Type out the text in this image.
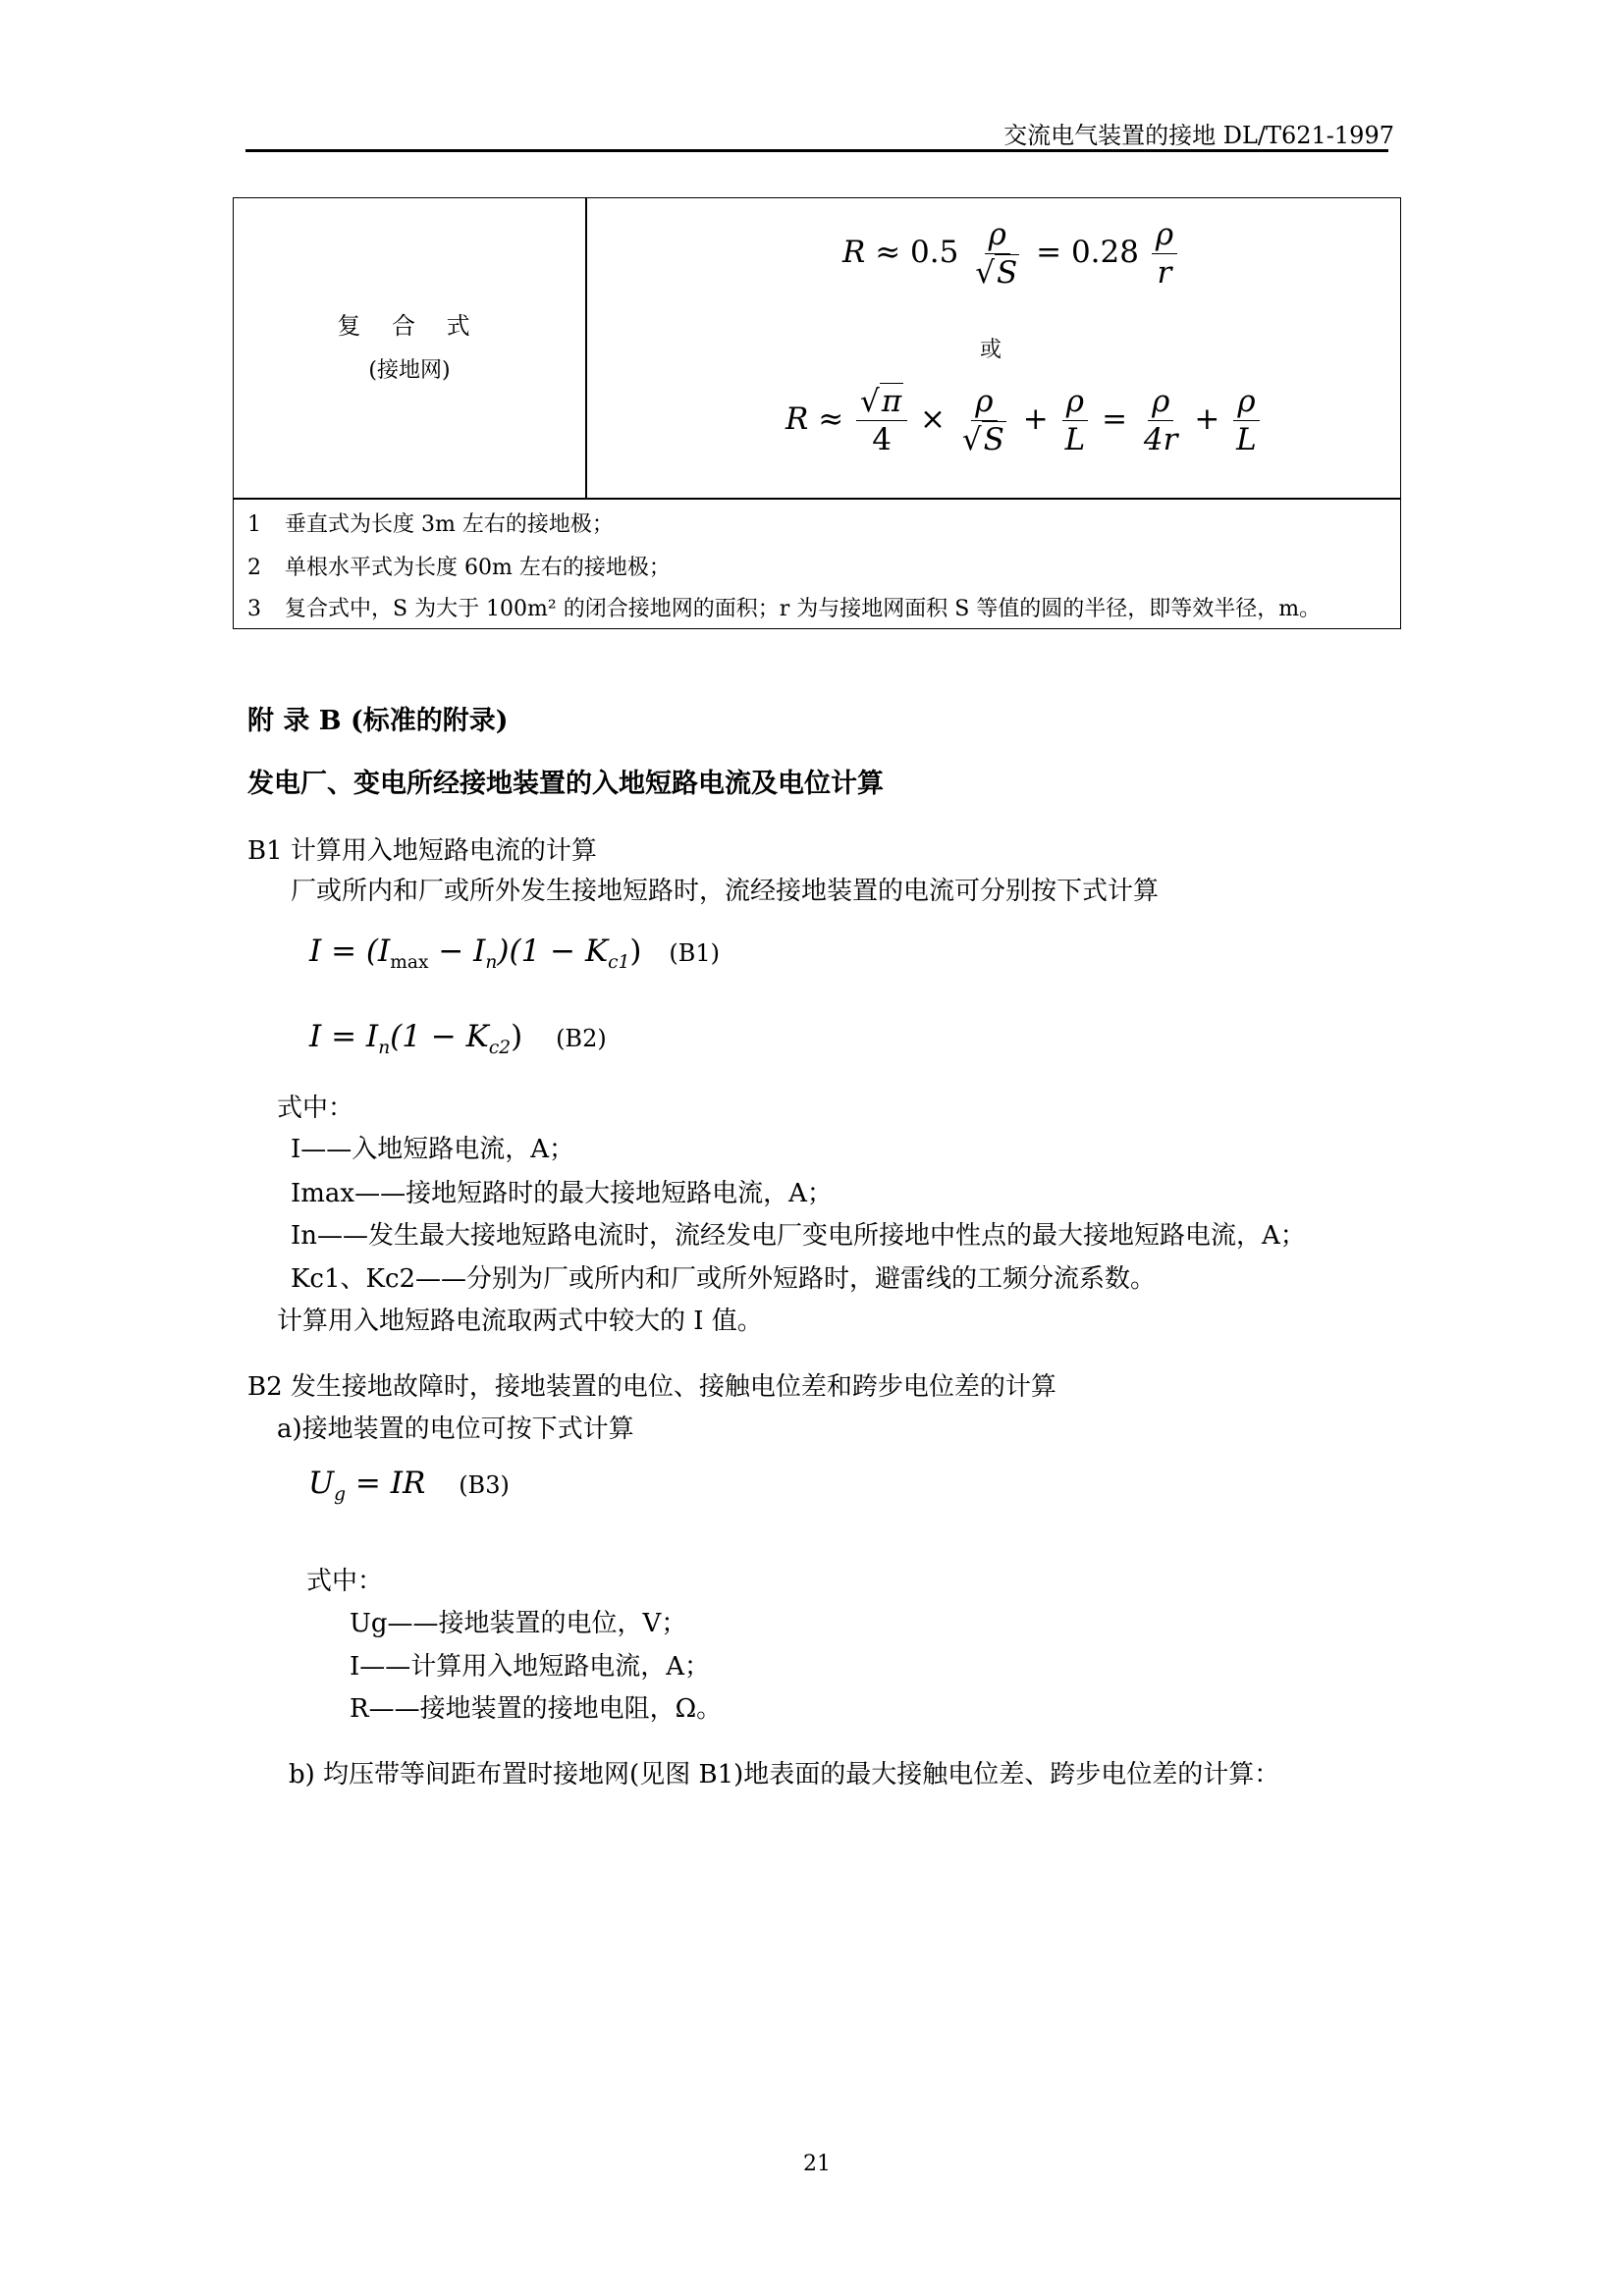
交流电气装置的接地 DL/T621-1997
复 合 式
(接地网)
$R \approx 0.5 \frac{\rho}{√S} = 0.28 \frac{\rho}{r}$
或
$R \approx \frac{√\pi}{4} \times \frac{\rho}{√S} + \frac{\rho}{L} = \frac{\rho}{4r} + \frac{\rho}{L}$
1 垂直式为长度 3m 左右的接地极；
2 单根水平式为长度 60m 左右的接地极；
3 复合式中，S 为大于 100m² 的闭合接地网的面积；r 为与接地网面积 S 等值的圆的半径，即等效半径，m。
附 录 B (标准的附录)
发电厂、变电所经接地装置的入地短路电流及电位计算
B1 计算用入地短路电流的计算
厂或所内和厂或所外发生接地短路时，流经接地装置的电流可分别按下式计算
$I = (I_{max} - I_n)(1 - K_{c1})$ (B1)
$I = I_n(1 - K_{c2})$ (B2)
式中：
I——入地短路电流，A；
Imax——接地短路时的最大接地短路电流，A；
In——发生最大接地短路电流时，流经发电厂变电所接地中性点的最大接地短路电流，A；
Kc1、Kc2——分别为厂或所内和厂或所外短路时，避雷线的工频分流系数。
计算用入地短路电流取两式中较大的 I 值。
B2 发生接地故障时，接地装置的电位、接触电位差和跨步电位差的计算
a)接地装置的电位可按下式计算
$U_g$ = IR (B3)
式中：
Ug——接地装置的电位，V；
I——计算用入地短路电流，A；
R——接地装置的接地电阻，Ω。
b) 均压带等间距布置时接地网(见图 B1)地表面的最大接触电位差、跨步电位差的计算：
21
